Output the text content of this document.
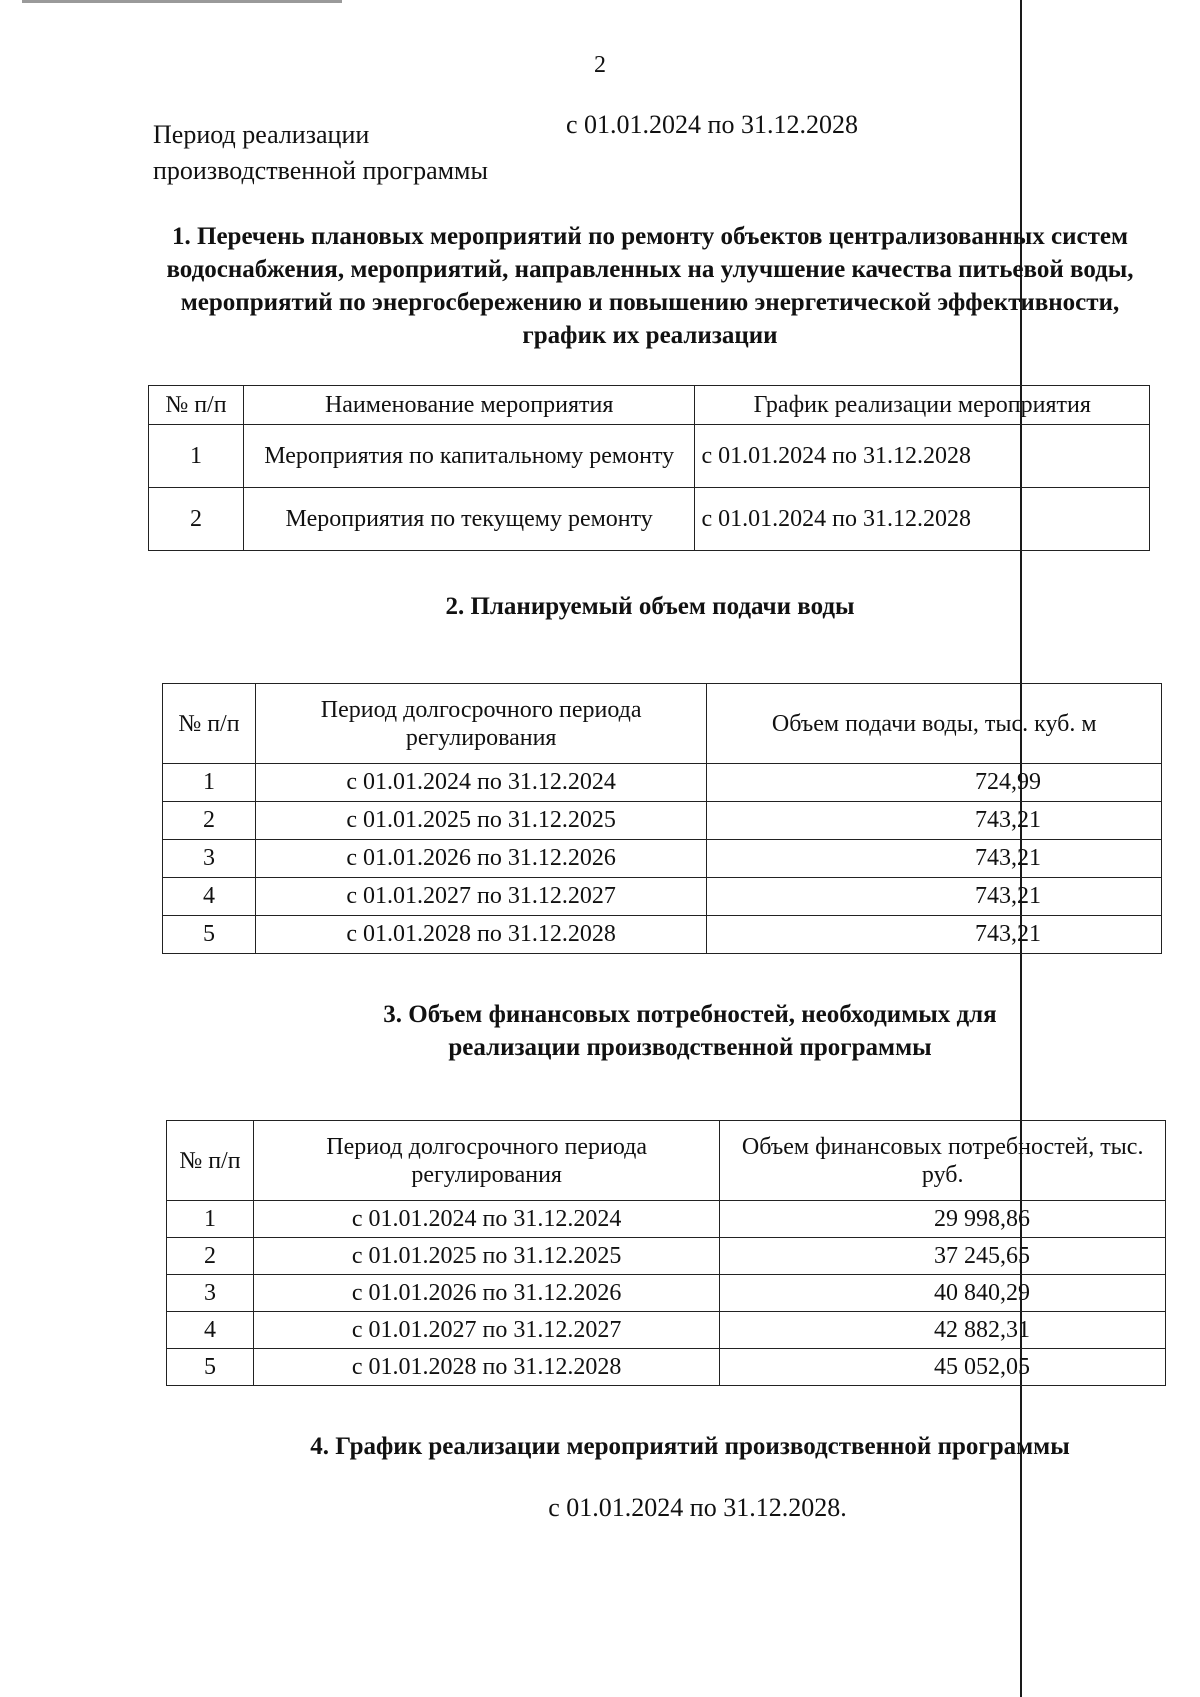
2
Период реализации производственной программы
с 01.01.2024 по 31.12.2028
1. Перечень плановых мероприятий по ремонту объектов централизованных систем водоснабжения, мероприятий, направленных на улучшение качества питьевой воды, мероприятий по энергосбережению и повышению энергетической эффективности, график их реализации
№ п/п	Наименование мероприятия	График реализации мероприятия
1	Мероприятия по капитальному ремонту	с 01.01.2024 по 31.12.2028
2	Мероприятия по текущему ремонту	с 01.01.2024 по 31.12.2028
2. Планируемый объем подачи воды
№ п/п	Период долгосрочного периода регулирования	Объем подачи воды, тыс. куб. м
1	с 01.01.2024 по 31.12.2024	724,99
2	с 01.01.2025 по 31.12.2025	743,21
3	с 01.01.2026 по 31.12.2026	743,21
4	с 01.01.2027 по 31.12.2027	743,21
5	с 01.01.2028 по 31.12.2028	743,21
3. Объем финансовых потребностей, необходимых для реализации производственной программы
№ п/п	Период долгосрочного периода регулирования	Объем финансовых потребностей, тыс. руб.
1	с 01.01.2024 по 31.12.2024	29 998,86
2	с 01.01.2025 по 31.12.2025	37 245,65
3	с 01.01.2026 по 31.12.2026	40 840,29
4	с 01.01.2027 по 31.12.2027	42 882,31
5	с 01.01.2028 по 31.12.2028	45 052,05
4. График реализации мероприятий производственной программы
с 01.01.2024 по 31.12.2028.
